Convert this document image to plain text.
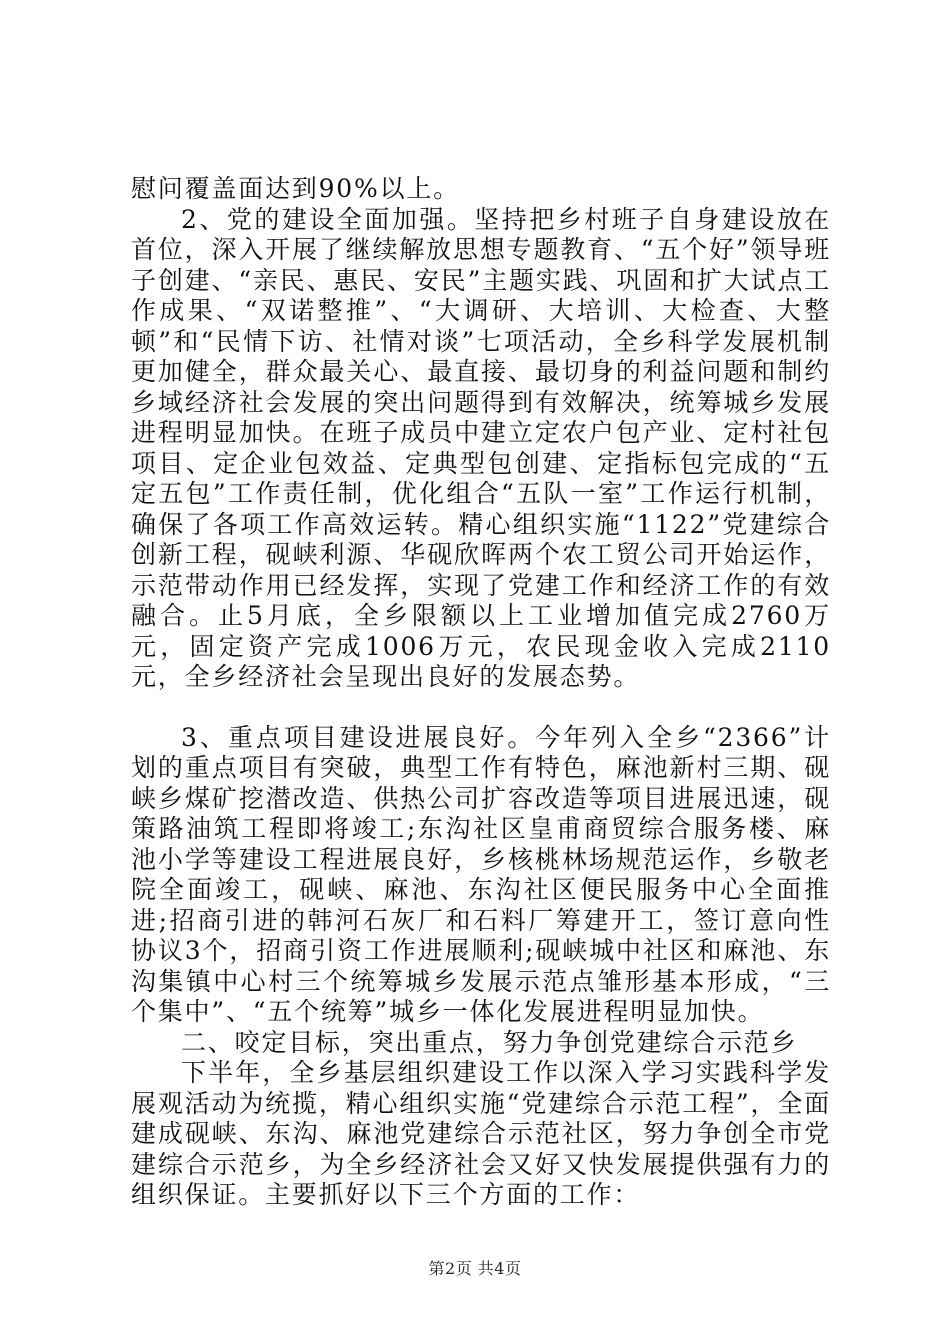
慰问覆盖面达到90%以上。

2、党的建设全面加强。坚持把乡村班子自身建设放在首位，深入开展了继续解放思想专题教育、“五个好”领导班子创建、“亲民、惠民、安民”主题实践、巩固和扩大试点工作成果、“双诺整推”、“大调研、大培训、大检查、大整顿”和“民情下访、社情对谈”七项活动，全乡科学发展机制更加健全，群众最关心、最直接、最切身的利益问题和制约乡域经济社会发展的突出问题得到有效解决，统筹城乡发展进程明显加快。在班子成员中建立定农户包产业、定村社包项目、定企业包效益、定典型包创建、定指标包完成的“五定五包”工作责任制，优化组合“五队一室”工作运行机制，确保了各项工作高效运转。精心组织实施“1122”党建综合创新工程，砚峡利源、华砚欣晖两个农工贸公司开始运作，示范带动作用已经发挥，实现了党建工作和经济工作的有效融合。止5月底，全乡限额以上工业增加值完成2760万元，固定资产完成1006万元，农民现金收入完成2110元，全乡经济社会呈现出良好的发展态势。

3、重点项目建设进展良好。今年列入全乡“2366”计划的重点项目有突破，典型工作有特色，麻池新村三期、砚峡乡煤矿挖潜改造、供热公司扩容改造等项目进展迅速，砚策路油筑工程即将竣工;东沟社区皇甫商贸综合服务楼、麻池小学等建设工程进展良好，乡核桃林场规范运作，乡敬老院全面竣工，砚峡、麻池、东沟社区便民服务中心全面推进;招商引进的韩河石灰厂和石料厂筹建开工，签订意向性协议3个，招商引资工作进展顺利;砚峡城中社区和麻池、东沟集镇中心村三个统筹城乡发展示范点雏形基本形成，“三个集中”、“五个统筹”城乡一体化发展进程明显加快。

二、咬定目标，突出重点，努力争创党建综合示范乡

下半年，全乡基层组织建设工作以深入学习实践科学发展观活动为统揽，精心组织实施“党建综合示范工程”，全面建成砚峡、东沟、麻池党建综合示范社区，努力争创全市党建综合示范乡，为全乡经济社会又好又快发展提供强有力的组织保证。主要抓好以下三个方面的工作：

第2页 共4页
